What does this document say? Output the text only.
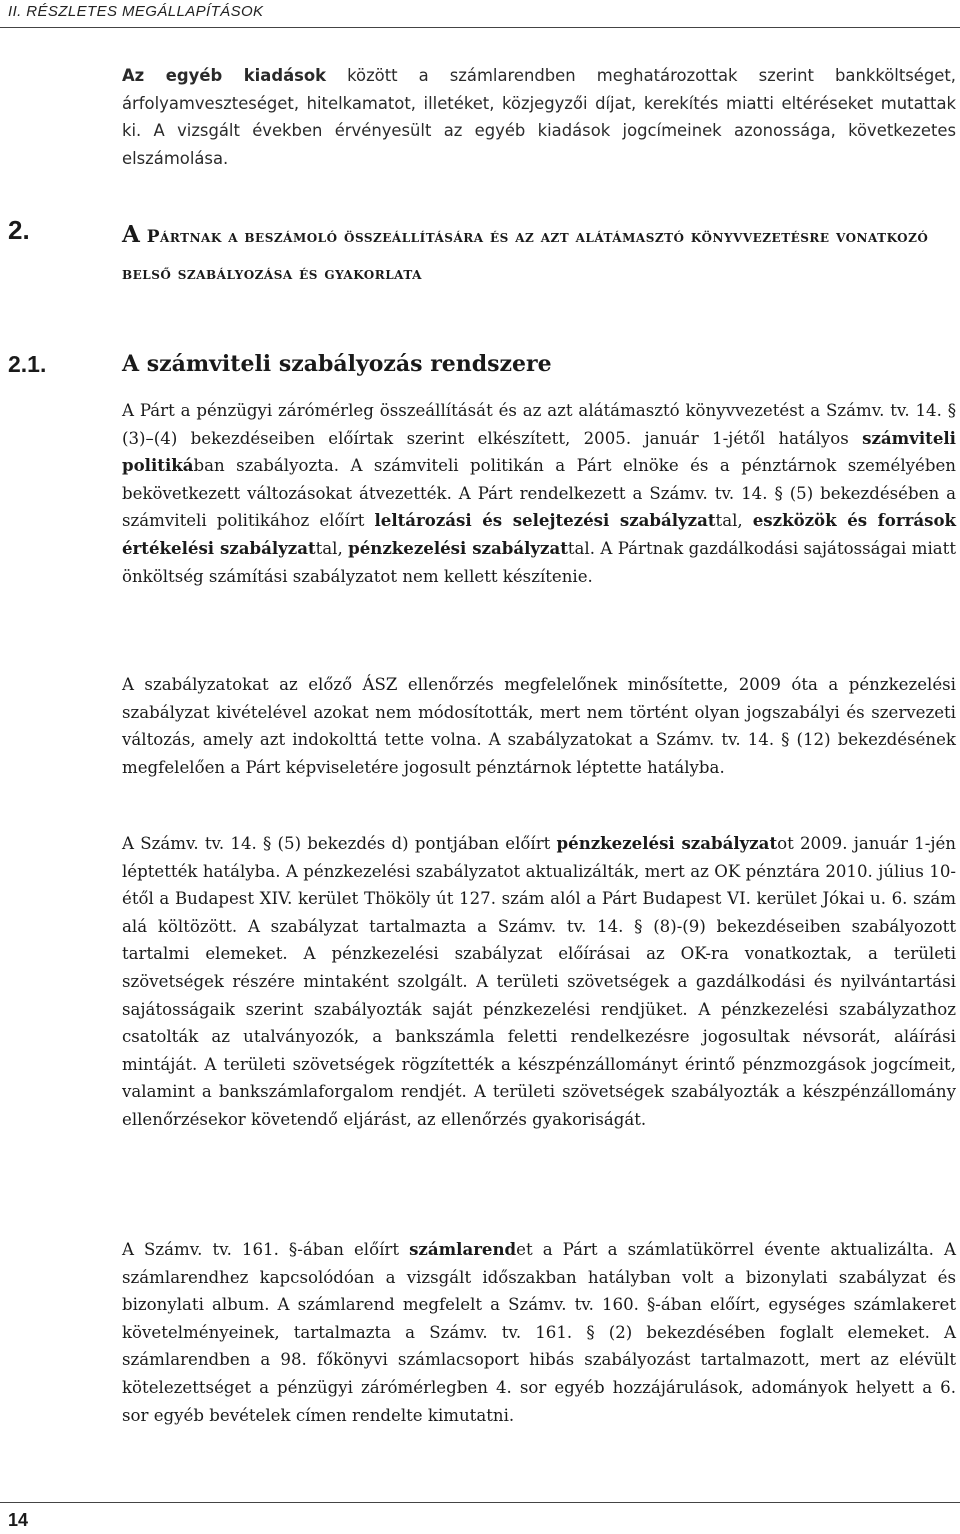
II. RÉSZLETES MEGÁLLAPÍTÁSOK
Az egyéb kiadások között a számlarendben meghatározottak szerint bankköltséget, árfolyamveszteséget, hitelkamatot, illetéket, közjegyzői díjat, kerekítés miatti eltéréseket mutattak ki. A vizsgált években érvényesült az egyéb kiadások jogcímeinek azonossága, következetes elszámolása.
2.	A Pártnak a beszámoló összeállítására és az azt alátámasztó könyvvezetésre vonatkozó belső szabályozása és gyakorlata
2.1.	A számviteli szabályozás rendszere
A Párt a pénzügyi zárómérleg összeállítását és az azt alátámasztó könyvvezetést a Számv. tv. 14. § (3)–(4) bekezdéseiben előírtak szerint elkészített, 2005. január 1-jétől hatályos számviteli politikában szabályozta. A számviteli politikán a Párt elnöke és a pénztárnok személyében bekövetkezett változásokat átvezették. A Párt rendelkezett a Számv. tv. 14. § (5) bekezdésében a számviteli politikához előírt leltározási és selejtezési szabályzattal, eszközök és források értékelési szabályzattal, pénzkezelési szabályzattal. A Pártnak gazdálkodási sajátosságai miatt önköltség számítási szabályzatot nem kellett készítenie.
A szabályzatokat az előző ÁSZ ellenőrzés megfelelőnek minősítette, 2009 óta a pénzkezelési szabályzat kivételével azokat nem módosították, mert nem történt olyan jogszabályi és szervezeti változás, amely azt indokolttá tette volna. A szabályzatokat a Számv. tv. 14. § (12) bekezdésének megfelelően a Párt képviseletére jogosult pénztárnok léptette hatályba.
A Számv. tv. 14. § (5) bekezdés d) pontjában előírt pénzkezelési szabályzatot 2009. január 1-jén léptették hatályba. A pénzkezelési szabályzatot aktualizálták, mert az OK pénztára 2010. július 10-étől a Budapest XIV. kerület Thököly út 127. szám alól a Párt Budapest VI. kerület Jókai u. 6. szám alá költözött. A szabályzat tartalmazta a Számv. tv. 14. § (8)-(9) bekezdéseiben szabályozott tartalmi elemeket. A pénzkezelési szabályzat előírásai az OK-ra vonatkoztak, a területi szövetségek részére mintaként szolgált. A területi szövetségek a gazdálkodási és nyilvántartási sajátosságaik szerint szabályozták saját pénzkezelési rendjüket. A pénzkezelési szabályzathoz csatolták az utalványozók, a bankszámla feletti rendelkezésre jogosultak névsorát, aláírási mintáját. A területi szövetségek rögzítették a készpénzállományt érintő pénzmozgások jogcímeit, valamint a bankszámlaforgalom rendjét. A területi szövetségek szabályozták a készpénzállomány ellenőrzésekor követendő eljárást, az ellenőrzés gyakoriságát.
A Számv. tv. 161. §-ában előírt számlarendet a Párt a számlatükörrel évente aktualizálta. A számlarendhez kapcsolódóan a vizsgált időszakban hatályban volt a bizonylati szabályzat és bizonylati album. A számlarend megfelelt a Számv. tv. 160. §-ában előírt, egységes számlakeret követelményeinek, tartalmazta a Számv. tv. 161. § (2) bekezdésében foglalt elemeket. A számlarendben a 98. főkönyvi számlacsoport hibás szabályozást tartalmazott, mert az elévült kötelezettséget a pénzügyi zárómérlegben 4. sor egyéb hozzájárulások, adományok helyett a 6. sor egyéb bevételek címen rendelte kimutatni.
14
